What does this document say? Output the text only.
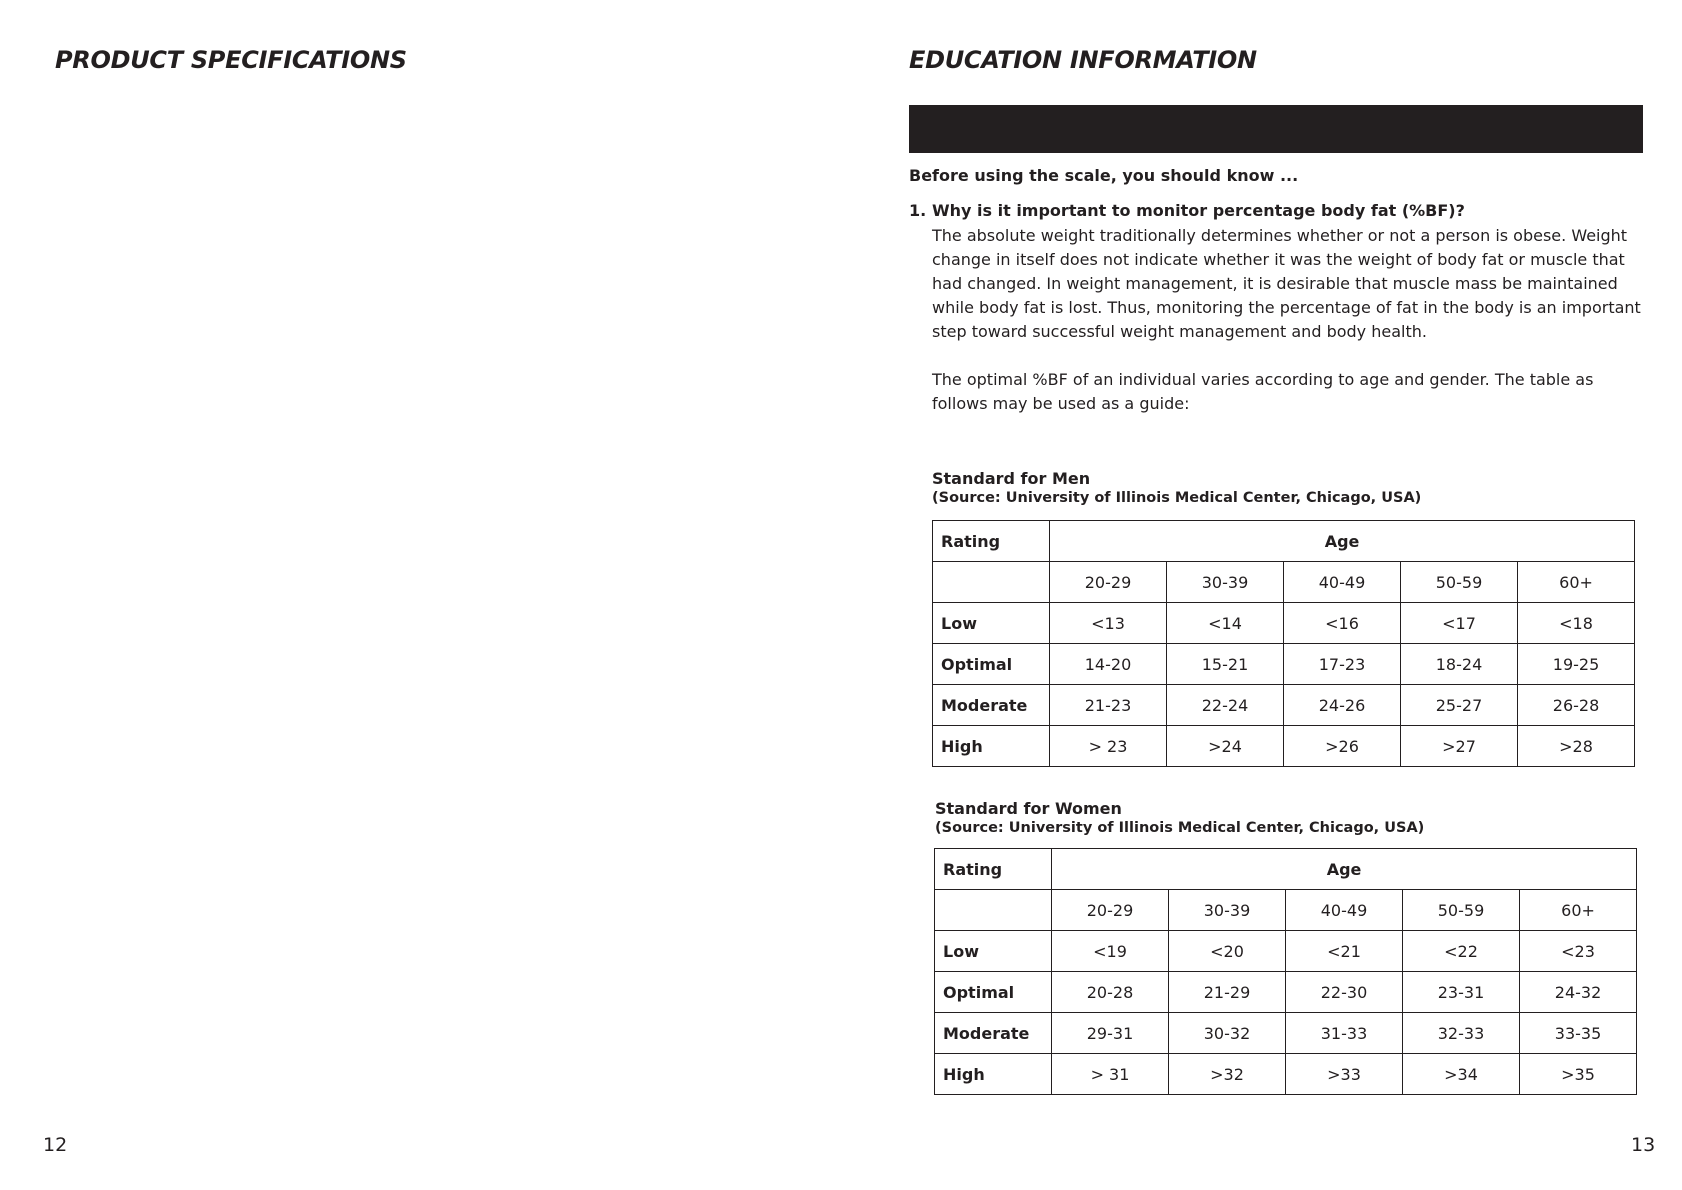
PRODUCT SPECIFICATIONS
12
EDUCATION INFORMATION
Before using the scale, you should know ...

1. Why is it important to monitor percentage body fat (%BF)?

The absolute weight traditionally determines whether or not a person is obese. Weight change in itself does not indicate whether it was the weight of body fat or muscle that had changed. In weight management, it is desirable that muscle mass be maintained while body fat is lost. Thus, monitoring the percentage of fat in the body is an important step toward successful weight management and body health.

The optimal %BF of an individual varies according to age and gender. The table as follows may be used as a guide:

Standard for Men

(Source: University of Illinois Medical Center, Chicago, USA)

Rating	Age				
	20-29	30-39	40-49	50-59	60+
Low	<13	<14	<16	<17	<18
Optimal	14-20	15-21	17-23	18-24	19-25
Moderate	21-23	22-24	24-26	25-27	26-28
High	> 23	>24	>26	>27	>28

Standard for Women

(Source: University of Illinois Medical Center, Chicago, USA)

Rating	Age				
	20-29	30-39	40-49	50-59	60+
Low	<19	<20	<21	<22	<23
Optimal	20-28	21-29	22-30	23-31	24-32
Moderate	29-31	30-32	31-33	32-33	33-35
High	> 31	>32	>33	>34	>35
13
